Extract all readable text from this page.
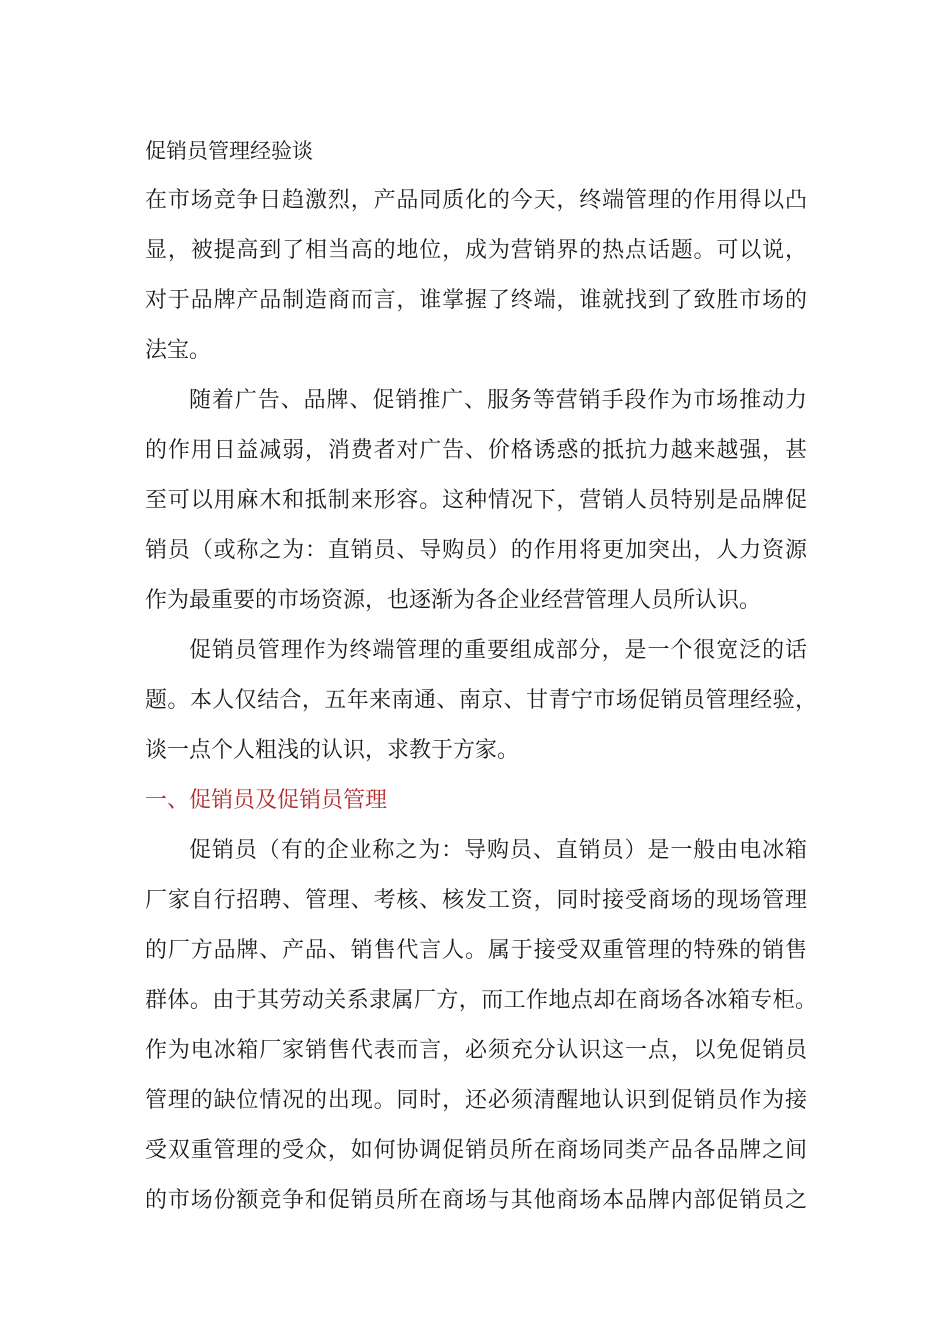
促销员管理经验谈
在市场竞争日趋激烈，产品同质化的今天，终端管理的作用得以凸
显，被提高到了相当高的地位，成为营销界的热点话题。可以说，
对于品牌产品制造商而言，谁掌握了终端，谁就找到了致胜市场的
法宝。
随着广告、品牌、促销推广、服务等营销手段作为市场推动力
的作用日益减弱，消费者对广告、价格诱惑的抵抗力越来越强，甚
至可以用麻木和抵制来形容。这种情况下，营销人员特别是品牌促
销员（或称之为：直销员、导购员）的作用将更加突出，人力资源
作为最重要的市场资源，也逐渐为各企业经营管理人员所认识。
促销员管理作为终端管理的重要组成部分，是一个很宽泛的话
题。本人仅结合，五年来南通、南京、甘青宁市场促销员管理经验，
谈一点个人粗浅的认识，求教于方家。
一、促销员及促销员管理
促销员（有的企业称之为：导购员、直销员）是一般由电冰箱
厂家自行招聘、管理、考核、核发工资，同时接受商场的现场管理
的厂方品牌、产品、销售代言人。属于接受双重管理的特殊的销售
群体。由于其劳动关系隶属厂方，而工作地点却在商场各冰箱专柜。
作为电冰箱厂家销售代表而言，必须充分认识这一点，以免促销员
管理的缺位情况的出现。同时，还必须清醒地认识到促销员作为接
受双重管理的受众，如何协调促销员所在商场同类产品各品牌之间
的市场份额竞争和促销员所在商场与其他商场本品牌内部促销员之
